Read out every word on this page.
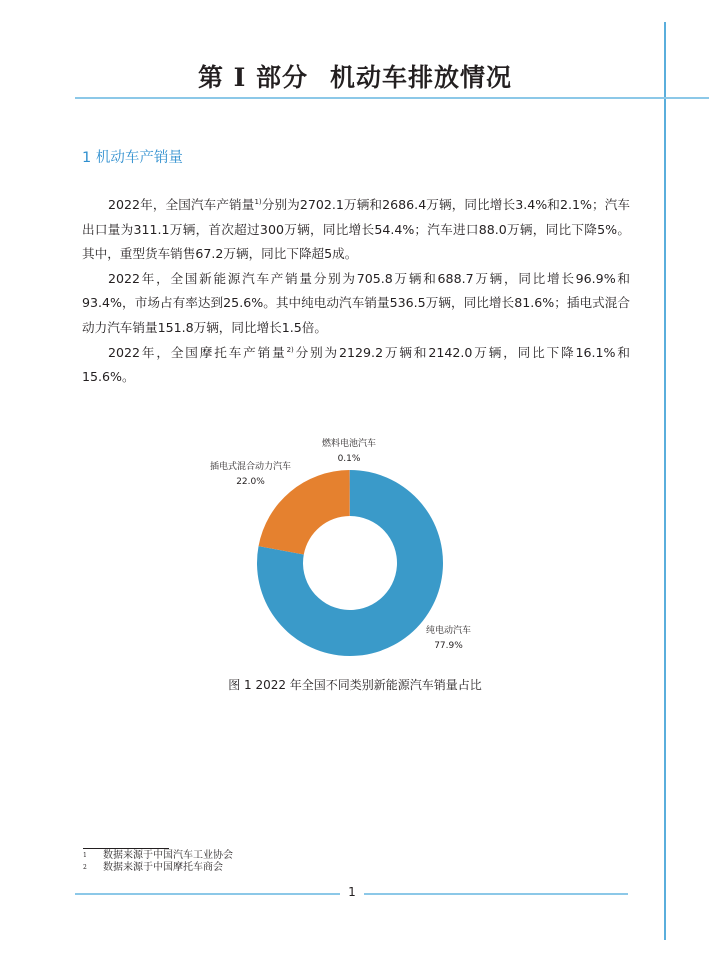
第 I 部分 机动车排放情况
1 机动车产销量

2022年，全国汽车产销量$^{1)}$分别为2702.1万辆和2686.4万辆，同比增长3.4%和2.1%；汽车出口量为311.1万辆，首次超过300万辆，同比增长54.4%；汽车进口88.0万辆，同比下降5%。其中，重型货车销售67.2万辆，同比下降超5成。

2022年，全国新能源汽车产销量分别为705.8万辆和688.7万辆，同比增长96.9%和93.4%，市场占有率达到25.6%。其中纯电动汽车销量536.5万辆，同比增长81.6%；插电式混合动力汽车销量151.8万辆，同比增长1.5倍。

2022年，全国摩托车产销量$^{2)}$分别为2129.2万辆和2142.0万辆，同比下降16.1%和15.6%。

燃料电池汽车
0.1%
插电式混合动力汽车
22.0%
纯电动汽车
77.9%
图 1 2022 年全国不同类别新能源汽车销量占比
1	数据来源于中国汽车工业协会
2	数据来源于中国摩托车商会
1
